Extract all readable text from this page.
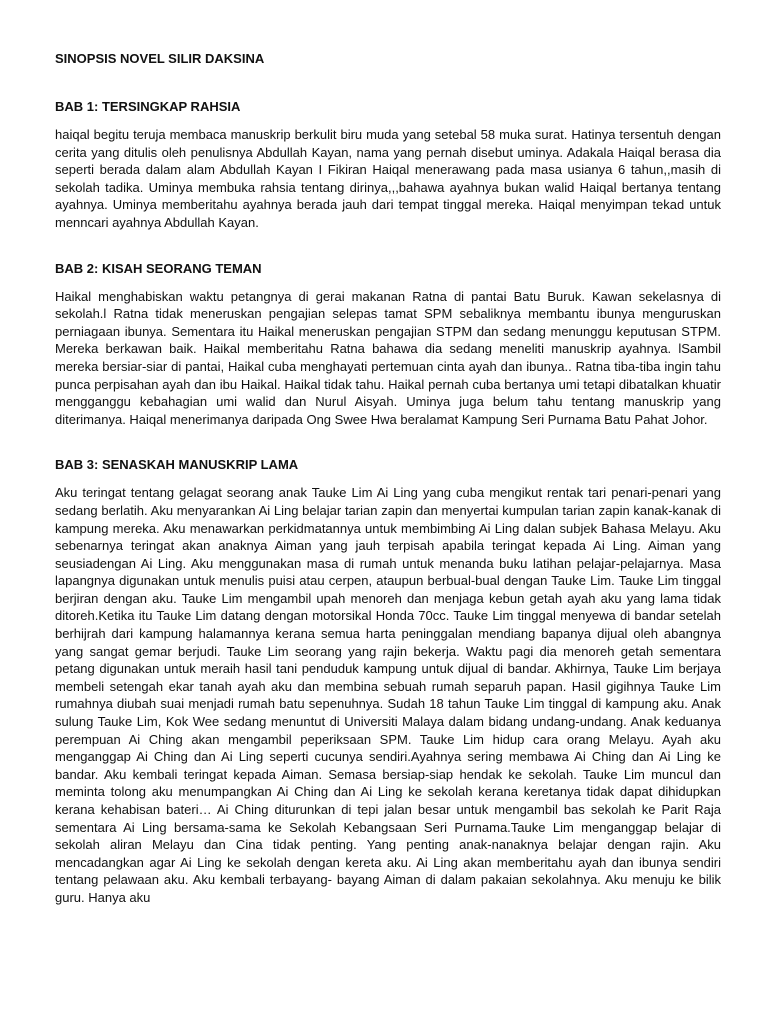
SINOPSIS NOVEL SILIR DAKSINA
BAB 1: TERSINGKAP RAHSIA

haiqal begitu teruja membaca manuskrip berkulit biru muda yang setebal 58 muka surat. Hatinya tersentuh dengan cerita yang ditulis oleh penulisnya Abdullah Kayan, nama yang pernah disebut uminya. Adakala Haiqal berasa dia seperti berada dalam alam Abdullah Kayan I Fikiran Haiqal menerawang pada masa usianya 6 tahun,,masih di sekolah tadika. Uminya membuka rahsia tentang dirinya,,,bahawa ayahnya bukan walid Haiqal bertanya tentang ayahnya. Uminya memberitahu ayahnya berada jauh dari tempat tinggal mereka. Haiqal menyimpan tekad untuk menncari ayahnya Abdullah Kayan.

BAB 2: KISAH SEORANG TEMAN

Haikal menghabiskan waktu petangnya di gerai makanan Ratna di pantai Batu Buruk. Kawan sekelasnya di sekolah.l Ratna tidak meneruskan pengajian selepas tamat SPM sebaliknya membantu ibunya menguruskan perniagaan ibunya. Sementara itu Haikal meneruskan pengajian STPM dan sedang menunggu keputusan STPM. Mereka berkawan baik. Haikal memberitahu Ratna bahawa dia sedang meneliti manuskrip ayahnya. lSambil mereka bersiar-siar di pantai, Haikal cuba menghayati pertemuan cinta ayah dan ibunya.. Ratna tiba-tiba ingin tahu punca perpisahan ayah dan ibu Haikal. Haikal tidak tahu. Haikal pernah cuba bertanya umi tetapi dibatalkan khuatir mengganggu kebahagian umi walid dan Nurul Aisyah. Uminya juga belum tahu tentang manuskrip yang diterimanya. Haiqal menerimanya daripada Ong Swee Hwa beralamat Kampung Seri Purnama Batu Pahat Johor.

BAB 3: SENASKAH MANUSKRIP LAMA

Aku teringat tentang gelagat seorang anak Tauke Lim Ai Ling yang cuba mengikut rentak tari penari-penari yang sedang berlatih. Aku menyarankan Ai Ling belajar tarian zapin dan menyertai kumpulan tarian zapin kanak-kanak di kampung mereka. Aku menawarkan perkidmatannya untuk membimbing Ai Ling dalan subjek Bahasa Melayu. Aku sebenarnya teringat akan anaknya Aiman yang jauh terpisah apabila teringat kepada Ai Ling. Aiman yang seusiadengan Ai Ling. Aku menggunakan masa di rumah untuk menanda buku latihan pelajar-pelajarnya. Masa lapangnya digunakan untuk menulis puisi atau cerpen, ataupun berbual-bual dengan Tauke Lim. Tauke Lim tinggal berjiran dengan aku. Tauke Lim mengambil upah menoreh dan menjaga kebun getah ayah aku yang lama tidak ditoreh.Ketika itu Tauke Lim datang dengan motorsikal Honda 70cc. Tauke Lim tinggal menyewa di bandar setelah berhijrah dari kampung halamannya kerana semua harta peninggalan mendiang bapanya dijual oleh abangnya yang sangat gemar berjudi. Tauke Lim seorang yang rajin bekerja. Waktu pagi dia menoreh getah sementara petang digunakan untuk meraih hasil tani penduduk kampung untuk dijual di bandar. Akhirnya, Tauke Lim berjaya membeli setengah ekar tanah ayah aku dan membina sebuah rumah separuh papan. Hasil gigihnya Tauke Lim rumahnya diubah suai menjadi rumah batu sepenuhnya. Sudah 18 tahun Tauke Lim tinggal di kampung aku. Anak sulung Tauke Lim, Kok Wee sedang menuntut di Universiti Malaya dalam bidang undang-undang. Anak keduanya perempuan Ai Ching akan mengambil peperiksaan SPM. Tauke Lim hidup cara orang Melayu. Ayah aku menganggap Ai Ching dan Ai Ling seperti cucunya sendiri.Ayahnya sering membawa Ai Ching dan Ai Ling ke bandar. Aku kembali teringat kepada Aiman. Semasa bersiap-siap hendak ke sekolah. Tauke Lim muncul dan meminta tolong aku menumpangkan Ai Ching dan Ai Ling ke sekolah kerana keretanya tidak dapat dihidupkan kerana kehabisan bateri… Ai Ching diturunkan di tepi jalan besar untuk mengambil bas sekolah ke Parit Raja sementara Ai Ling bersama-sama ke Sekolah Kebangsaan Seri Purnama.Tauke Lim menganggap belajar di sekolah aliran Melayu dan Cina tidak penting. Yang penting anak-nanaknya belajar dengan rajin. Aku mencadangkan agar Ai Ling ke sekolah dengan kereta aku. Ai Ling akan memberitahu ayah dan ibunya sendiri tentang pelawaan aku. Aku kembali terbayang- bayang Aiman di dalam pakaian sekolahnya. Aku menuju ke bilik guru. Hanya aku
